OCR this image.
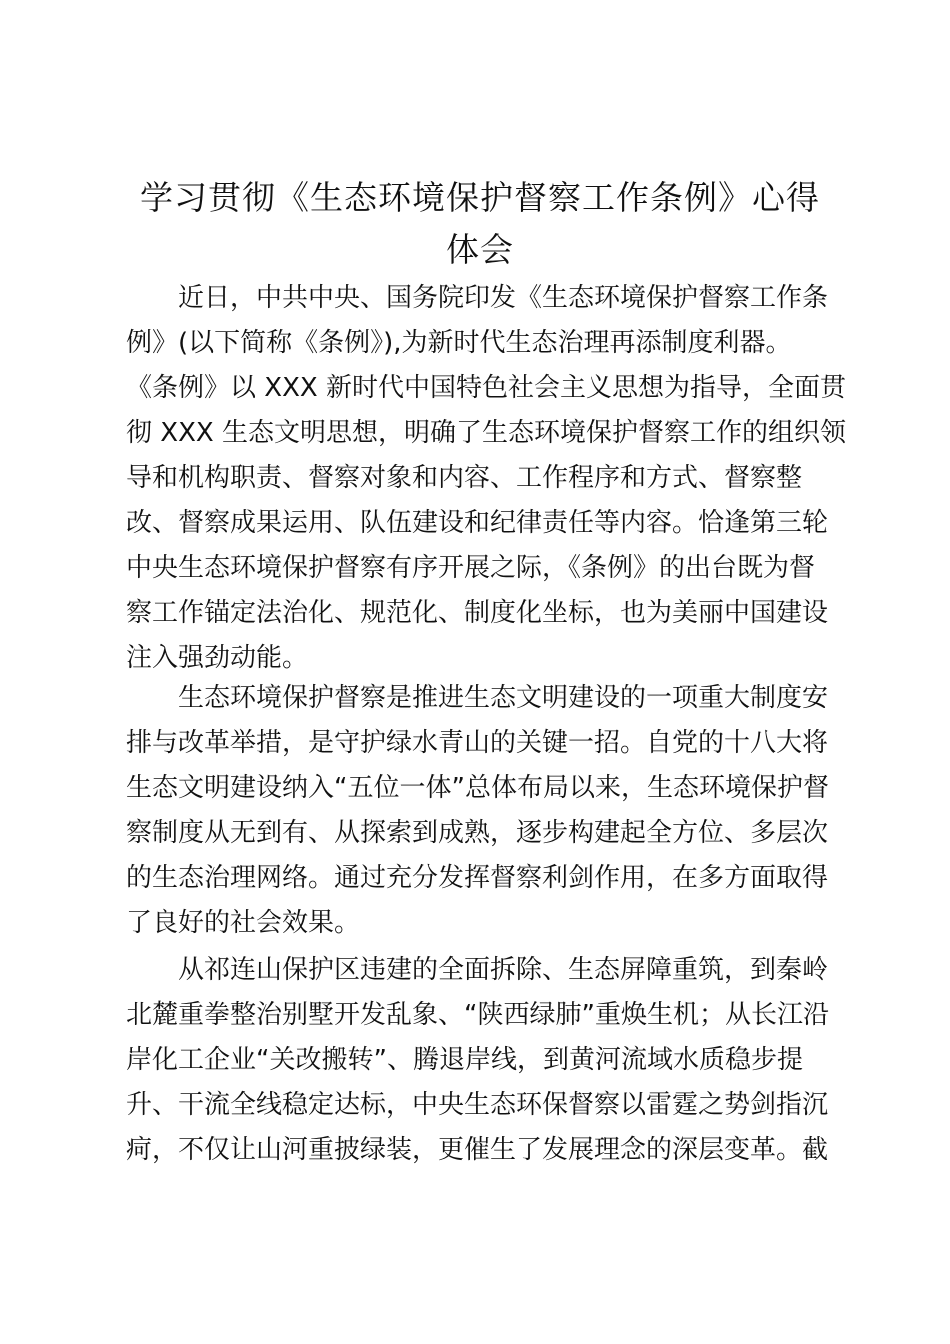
学习贯彻《生态环境保护督察工作条例》心得
体会
近日，中共中央、国务院印发《生态环境保护督察工作条
例》(以下简称《条例》),为新时代生态治理再添制度利器。
《条例》以 XXX 新时代中国特色社会主义思想为指导，全面贯
彻 XXX 生态文明思想，明确了生态环境保护督察工作的组织领
导和机构职责、督察对象和内容、工作程序和方式、督察整
改、督察成果运用、队伍建设和纪律责任等内容。恰逢第三轮
中央生态环境保护督察有序开展之际，《条例》的出台既为督
察工作锚定法治化、规范化、制度化坐标，也为美丽中国建设
注入强劲动能。
生态环境保护督察是推进生态文明建设的一项重大制度安
排与改革举措，是守护绿水青山的关键一招。自党的十八大将
生态文明建设纳入“五位一体”总体布局以来，生态环境保护督
察制度从无到有、从探索到成熟，逐步构建起全方位、多层次
的生态治理网络。通过充分发挥督察利剑作用，在多方面取得
了良好的社会效果。
从祁连山保护区违建的全面拆除、生态屏障重筑，到秦岭
北麓重拳整治别墅开发乱象、“陕西绿肺”重焕生机；从长江沿
岸化工企业“关改搬转”、腾退岸线，到黄河流域水质稳步提
升、干流全线稳定达标，中央生态环保督察以雷霆之势剑指沉
疴，不仅让山河重披绿装，更催生了发展理念的深层变革。截
